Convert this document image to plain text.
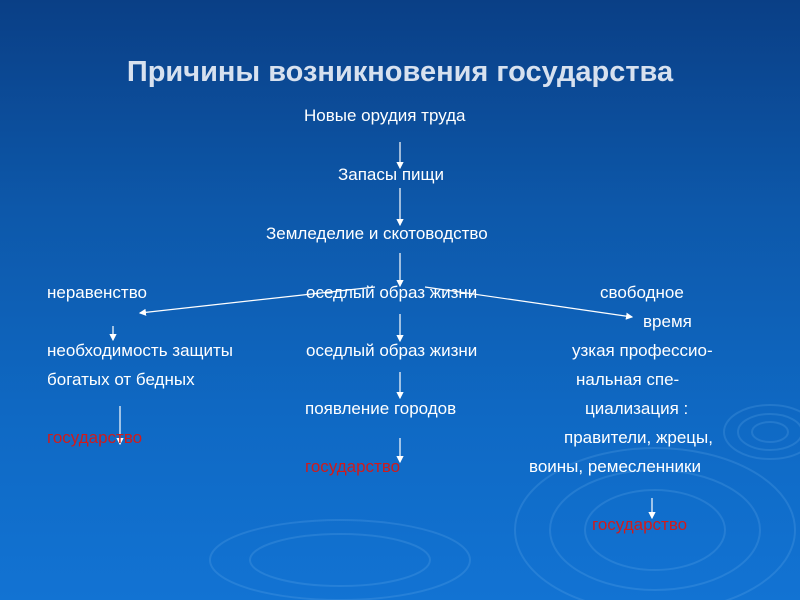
Причины возникновения государства
Новые орудия труда
Запасы пищи
Земледелие и скотоводство
оседлый образ жизни
оседлый образ жизни
появление городов
государство
неравенство
необходимость защиты
богатых от бедных
государство
свободное
время
узкая профессио-
нальная спе-
циализация :
правители, жрецы,
воины, ремесленники
государство
